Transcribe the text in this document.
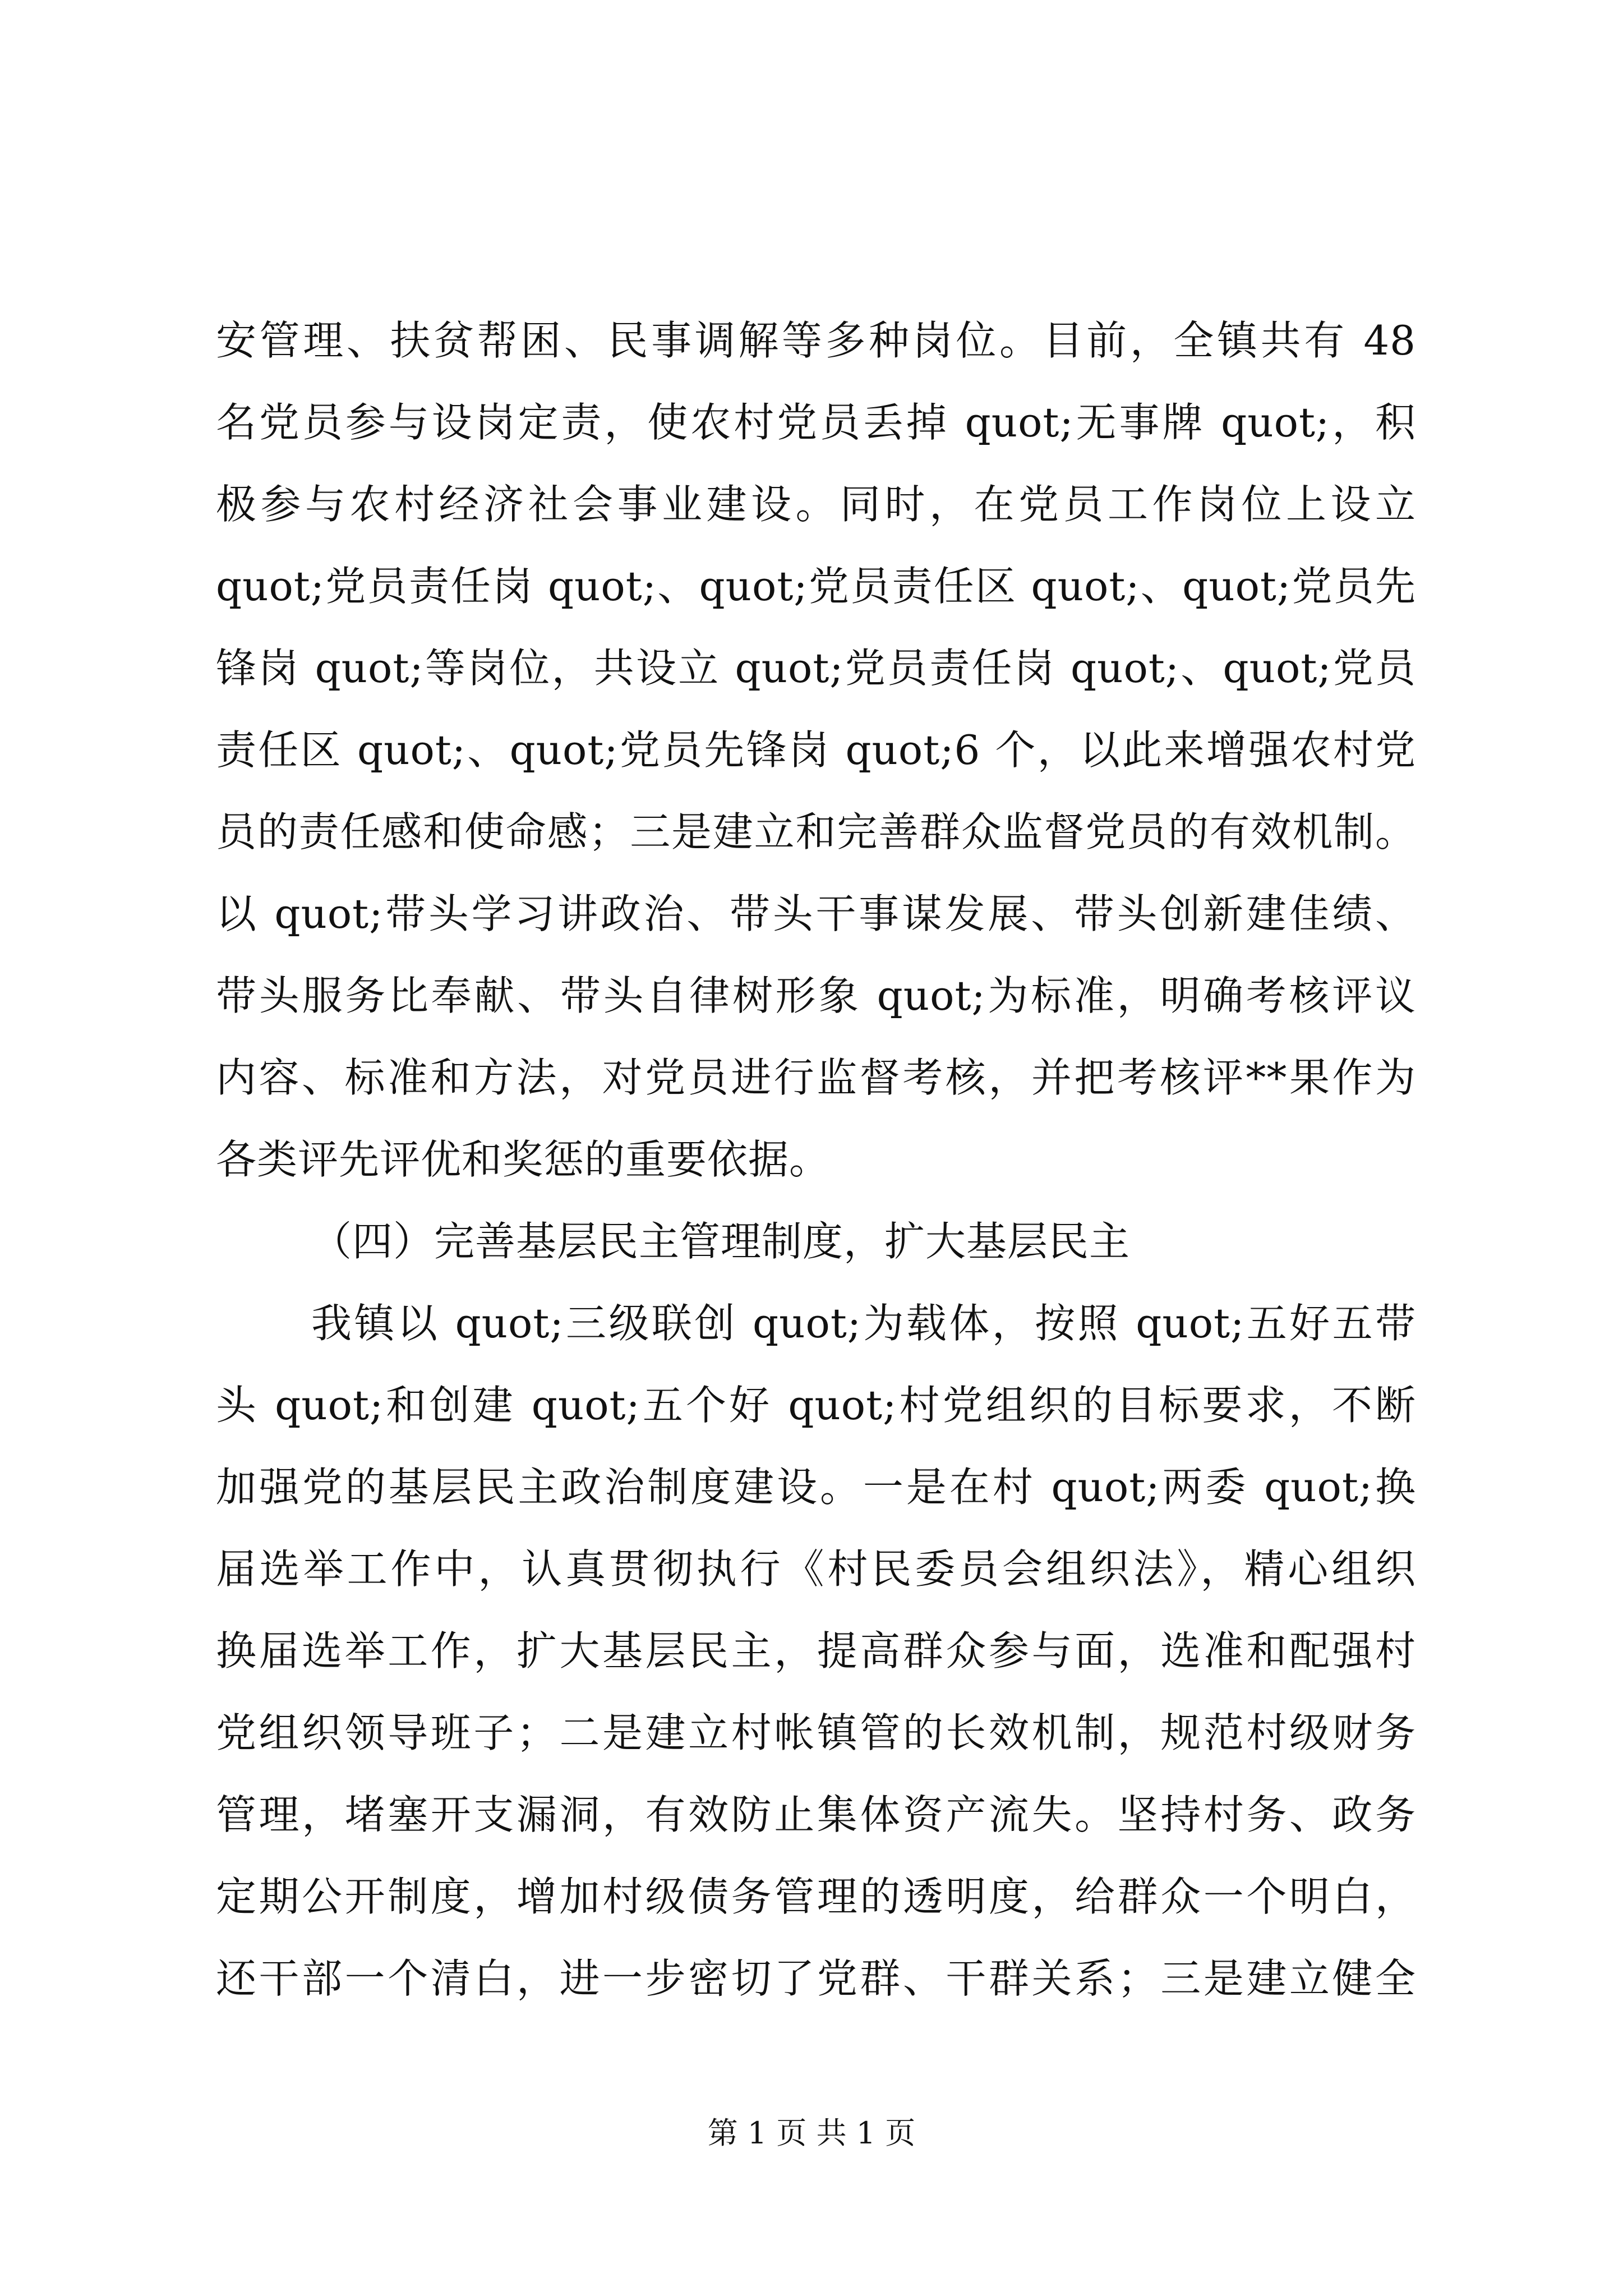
安管理、扶贫帮困、民事调解等多种岗位。目前，全镇共有 48
名党员参与设岗定责，使农村党员丢掉 quot;无事牌 quot;，积
极参与农村经济社会事业建设。同时，在党员工作岗位上设立
quot;党员责任岗 quot;、quot;党员责任区 quot;、quot;党员先
锋岗 quot;等岗位，共设立 quot;党员责任岗 quot;、quot;党员
责任区 quot;、quot;党员先锋岗 quot;6 个，以此来增强农村党
员的责任感和使命感；三是建立和完善群众监督党员的有效机制。
以 quot;带头学习讲政治、带头干事谋发展、带头创新建佳绩、
带头服务比奉献、带头自律树形象 quot;为标准，明确考核评议
内容、标准和方法，对党员进行监督考核，并把考核评**果作为
各类评先评优和奖惩的重要依据。
（四）完善基层民主管理制度，扩大基层民主
我镇以 quot;三级联创 quot;为载体，按照 quot;五好五带
头 quot;和创建 quot;五个好 quot;村党组织的目标要求，不断
加强党的基层民主政治制度建设。一是在村 quot;两委 quot;换
届选举工作中，认真贯彻执行《村民委员会组织法》，精心组织
换届选举工作，扩大基层民主，提高群众参与面，选准和配强村
党组织领导班子；二是建立村帐镇管的长效机制，规范村级财务
管理，堵塞开支漏洞，有效防止集体资产流失。坚持村务、政务
定期公开制度，增加村级债务管理的透明度，给群众一个明白，
还干部一个清白，进一步密切了党群、干群关系；三是建立健全
第 1 页 共 1 页
